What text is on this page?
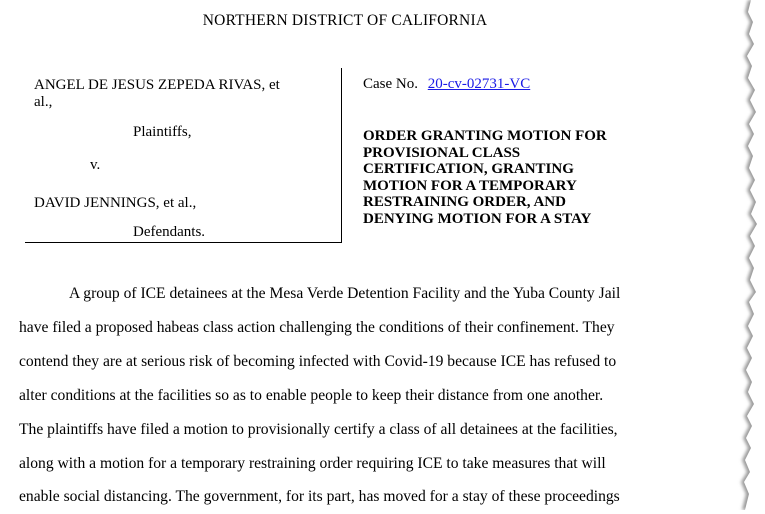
NORTHERN DISTRICT OF CALIFORNIA
ANGEL DE JESUS ZEPEDA RIVAS, et
al.,
Plaintiffs,
v.
DAVID JENNINGS, et al.,
Defendants.
Case No. 20-cv-02731-VC
ORDER GRANTING MOTION FOR
PROVISIONAL CLASS
CERTIFICATION, GRANTING
MOTION FOR A TEMPORARY
RESTRAINING ORDER, AND
DENYING MOTION FOR A STAY
A group of ICE detainees at the Mesa Verde Detention Facility and the Yuba County Jail
have filed a proposed habeas class action challenging the conditions of their confinement. They
contend they are at serious risk of becoming infected with Covid-19 because ICE has refused to
alter conditions at the facilities so as to enable people to keep their distance from one another.
The plaintiffs have filed a motion to provisionally certify a class of all detainees at the facilities,
along with a motion for a temporary restraining order requiring ICE to take measures that will
enable social distancing. The government, for its part, has moved for a stay of these proceedings
